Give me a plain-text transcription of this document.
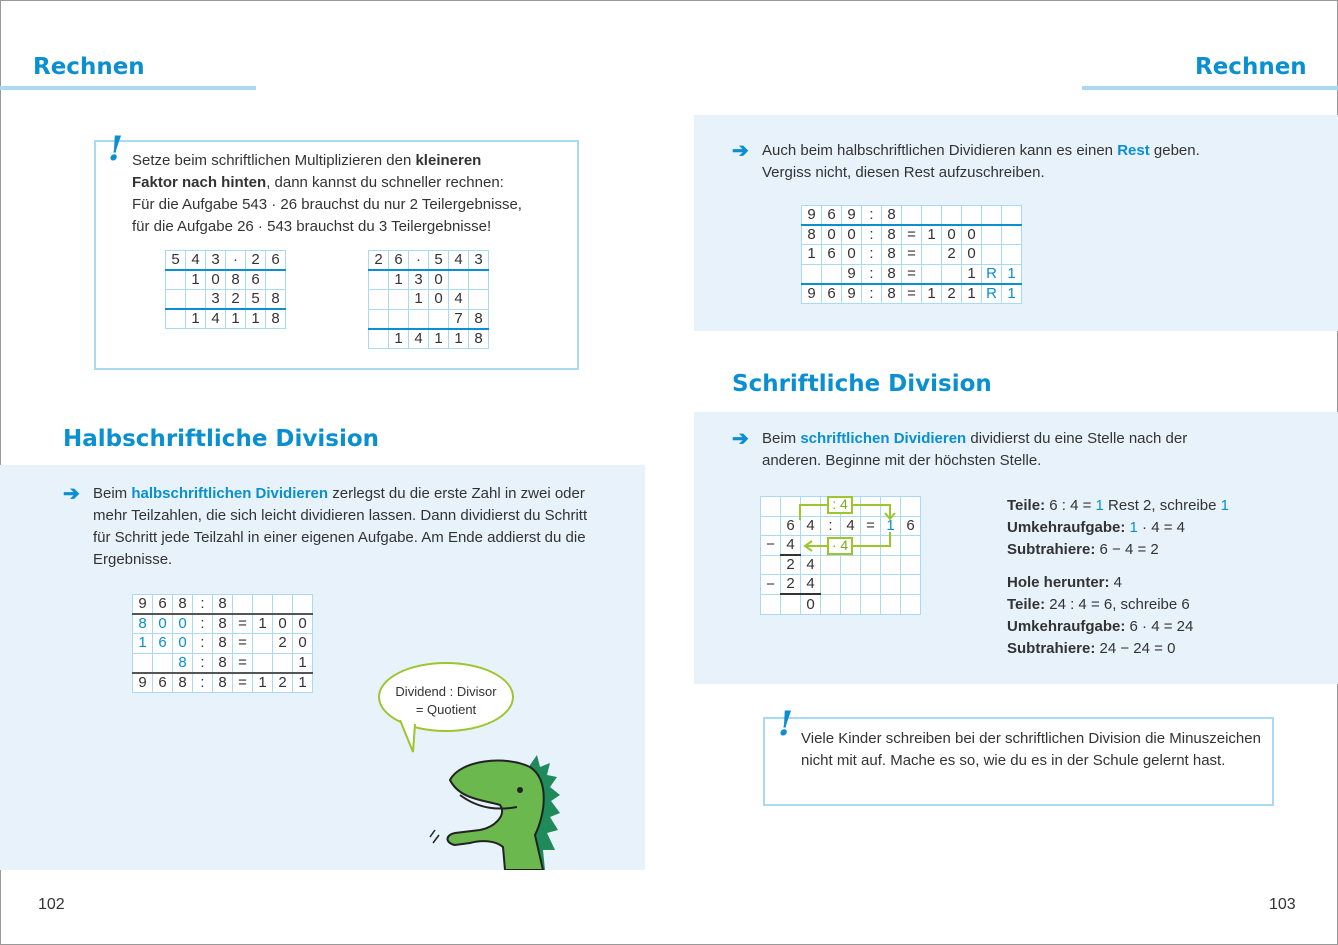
Rechnen	Rechnen
! Setze beim schriftlichen Multiplizieren den kleineren
Faktor nach hinten, dann kannst du schneller rechnen:
Für die Aufgabe 543 · 26 brauchst du nur 2 Teilergebnisse,
für die Aufgabe 26 · 543 brauchst du 3 Teilergebnisse!
5	4	3	·	2	6
	1	0	8	6	
		3	2	5	8
	1	4	1	1	8
2	6	·	5	4	3
	1	3	0		
		1	0	4	
				7	8
	1	4	1	1	8
Halbschriftliche Division
➔ Beim halbschriftlichen Dividieren zerlegst du die erste Zahl in zwei oder mehr Teilzahlen, die sich leicht dividieren lassen. Dann dividierst du Schritt für Schritt jede Teilzahl in einer eigenen Aufgabe. Am Ende addierst du die Ergebnisse.
9	6	8	:	8				
8	0	0	:	8	=	1	0	0
1	6	0	:	8	=		2	0
		8	:	8	=			1
9	6	8	:	8	=	1	2	1
Dividend : Divisor
= Quotient
102
➔ Auch beim halbschriftlichen Dividieren kann es einen Rest geben.
Vergiss nicht, diesen Rest aufzuschreiben.
9	6	9	:	8						
8	0	0	:	8	=	1	0	0		
1	6	0	:	8	=		2	0		
		9	:	8	=			1	R	1
9	6	9	:	8	=	1	2	1	R	1
Schriftliche Division
➔ Beim schriftlichen Dividieren dividierst du eine Stelle nach der anderen. Beginne mit der höchsten Stelle.

	6	4	:	4	=	1	6
−	4						
	2	4					
−	2	4					
		0					
: 4
· 4
Teile: 6 : 4 = 1 Rest 2, schreibe 1
Umkehraufgabe: 1 · 4 = 4
Subtrahiere: 6 − 4 = 2
Hole herunter: 4
Teile: 24 : 4 = 6, schreibe 6
Umkehraufgabe: 6 · 4 = 24
Subtrahiere: 24 − 24 = 0
! Viele Kinder schreiben bei der schriftlichen Division die Minuszeichen nicht mit auf. Mache es so, wie du es in der Schule gelernt hast.
103
